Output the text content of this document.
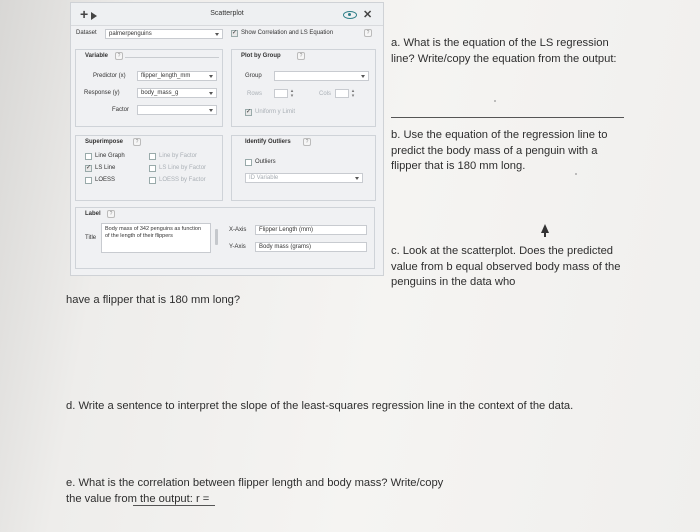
+	Scatterplot	✕
Dataset	palmerpenguins	✓ Show Correlation and LS Equation	?
Variable	?
Predictor (x)	flipper_length_mm
Response (y)	body_mass_g
Factor
Plot by Group	?
Group
Rows	▴
▾	Cols	▴
▾
✓ Uniform y Limit
Superimpose	?
Line Graph
✓ LS Line
LOESS
Line by Factor
LS Line by Factor
LOESS by Factor
Identify Outliers	?
Outliers
ID Variable
Label	?
Title
Body mass of 342 penguins as function of the length of their flippers
X-Axis	Flipper Length (mm)
Y-Axis	Body mass (grams)
a. What is the equation of the LS regression line? Write/copy the equation from the output:
b. Use the equation of the regression line to predict the body mass of a penguin with a flipper that is 180 mm long.
c. Look at the scatterplot. Does the predicted value from b equal observed body mass of the penguins in the data who
have a flipper that is 180 mm long?
d. Write a sentence to interpret the slope of the least-squares regression line in the context of the data.
e. What is the correlation between flipper length and body mass? Write/copy the value from the output: r =
